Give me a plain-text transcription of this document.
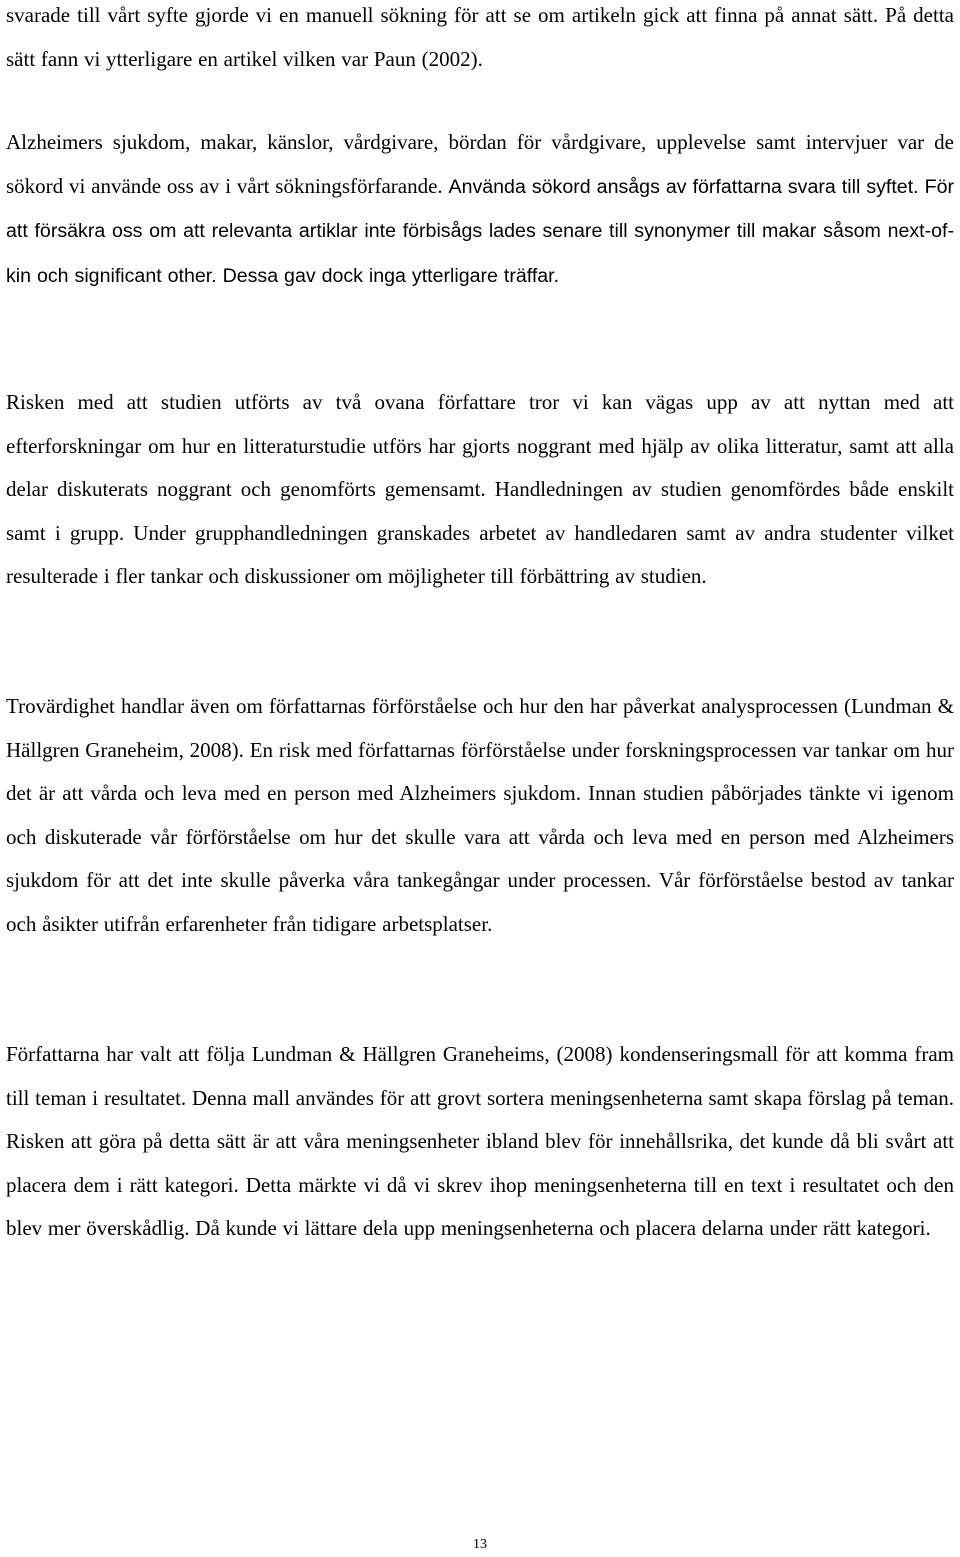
svarade till vårt syfte gjorde vi en manuell sökning för att se om artikeln gick att finna på annat sätt. På detta sätt fann vi ytterligare en artikel vilken var Paun (2002).

Alzheimers sjukdom, makar, känslor, vårdgivare, bördan för vårdgivare, upplevelse samt intervjuer var de sökord vi använde oss av i vårt sökningsförfarande. Använda sökord ansågs av författarna svara till syftet. För att försäkra oss om att relevanta artiklar inte förbisågs lades senare till synonymer till makar såsom next-of- kin och significant other. Dessa gav dock inga ytterligare träffar.

Risken med att studien utförts av två ovana författare tror vi kan vägas upp av att nyttan med att efterforskningar om hur en litteraturstudie utförs har gjorts noggrant med hjälp av olika litteratur, samt att alla delar diskuterats noggrant och genomförts gemensamt. Handledningen av studien genomfördes både enskilt samt i grupp. Under grupphandledningen granskades arbetet av handledaren samt av andra studenter vilket resulterade i fler tankar och diskussioner om möjligheter till förbättring av studien.

Trovärdighet handlar även om författarnas förförståelse och hur den har påverkat analysprocessen (Lundman & Hällgren Graneheim, 2008). En risk med författarnas förförståelse under forskningsprocessen var tankar om hur det är att vårda och leva med en person med Alzheimers sjukdom. Innan studien påbörjades tänkte vi igenom och diskuterade vår förförståelse om hur det skulle vara att vårda och leva med en person med Alzheimers sjukdom för att det inte skulle påverka våra tankegångar under processen. Vår förförståelse bestod av tankar och åsikter utifrån erfarenheter från tidigare arbetsplatser.

Författarna har valt att följa Lundman & Hällgren Graneheims, (2008) kondenseringsmall för att komma fram till teman i resultatet. Denna mall användes för att grovt sortera meningsenheterna samt skapa förslag på teman. Risken att göra på detta sätt är att våra meningsenheter ibland blev för innehållsrika, det kunde då bli svårt att placera dem i rätt kategori. Detta märkte vi då vi skrev ihop meningsenheterna till en text i resultatet och den blev mer överskådlig. Då kunde vi lättare dela upp meningsenheterna och placera delarna under rätt kategori.

13
